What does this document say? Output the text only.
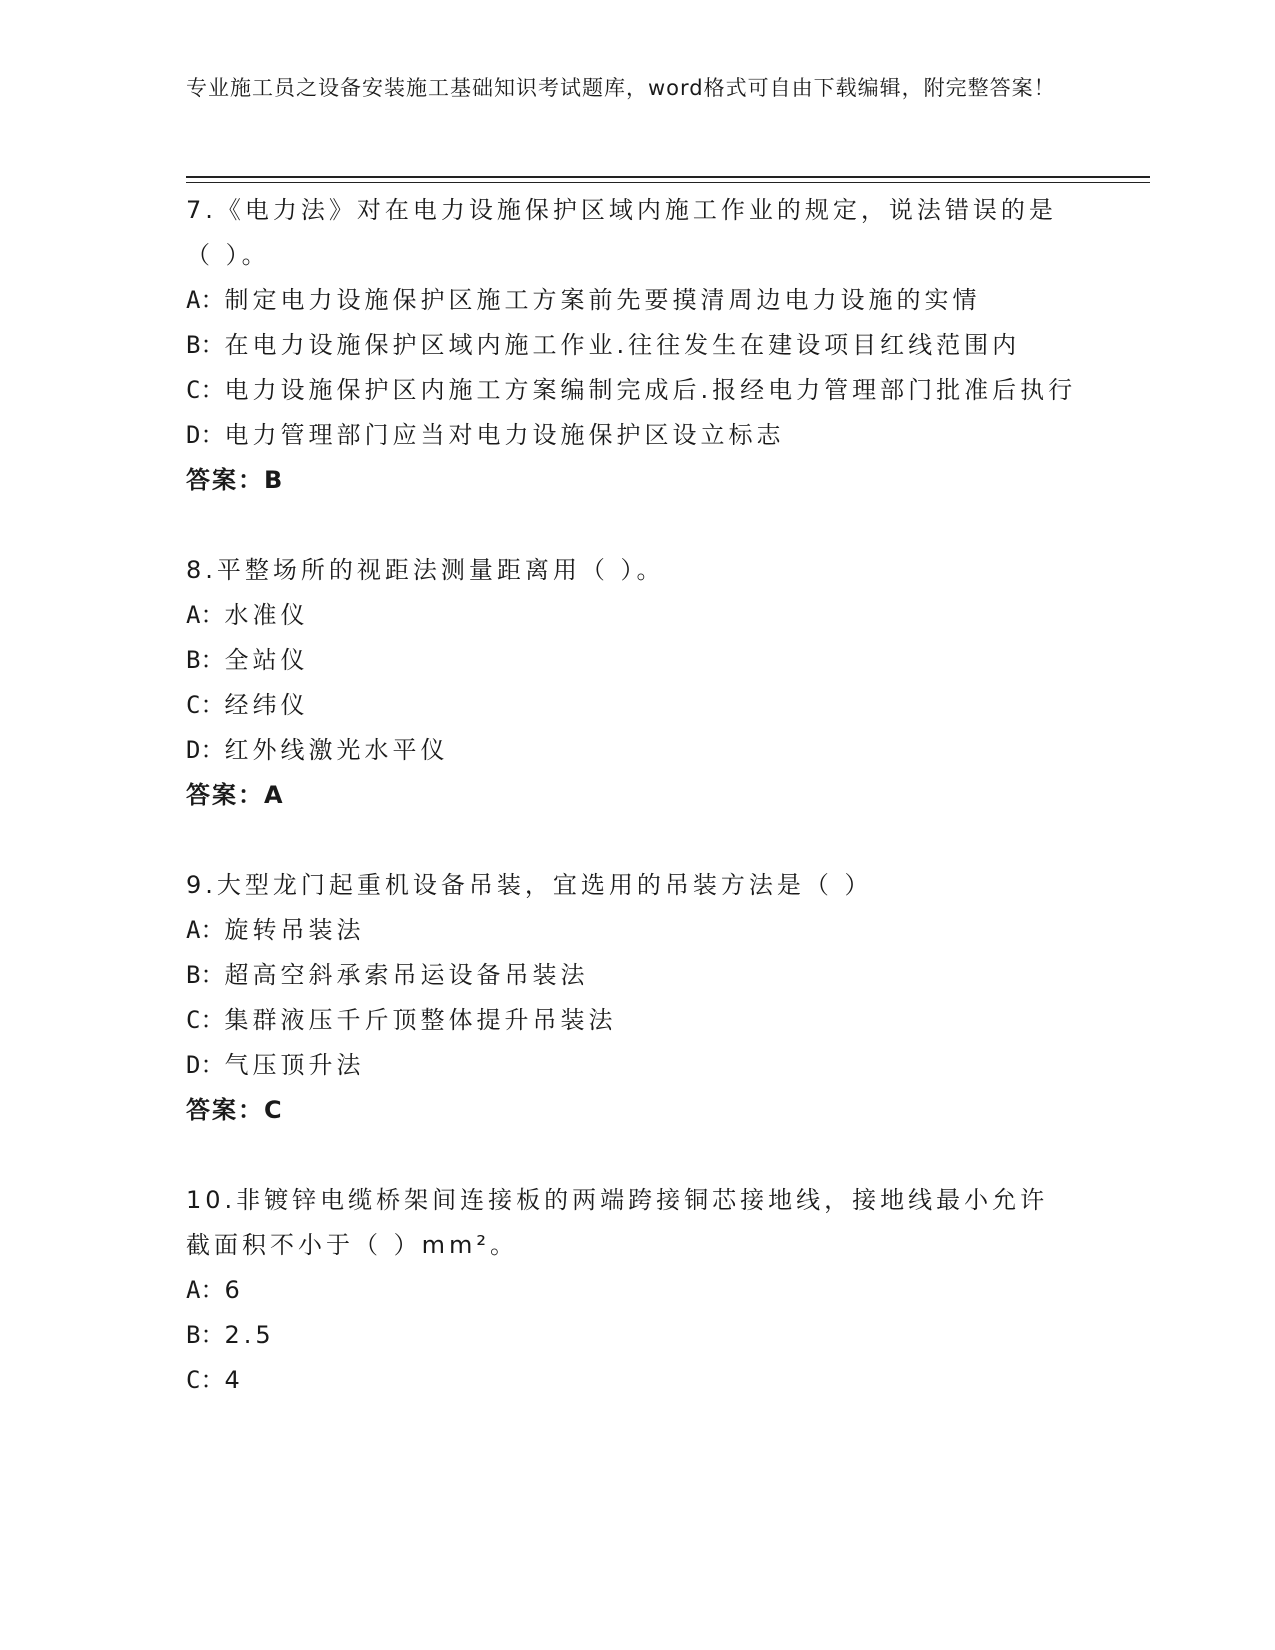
专业施工员之设备安装施工基础知识考试题库，word格式可自由下载编辑，附完整答案！
7.《电力法》对在电力设施保护区域内施工作业的规定，说法错误的是（ ）。
A：制定电力设施保护区施工方案前先要摸清周边电力设施的实情
B：在电力设施保护区域内施工作业.往往发生在建设项目红线范围内
C：电力设施保护区内施工方案编制完成后.报经电力管理部门批准后执行
D：电力管理部门应当对电力设施保护区设立标志
答案：B
8.平整场所的视距法测量距离用（ ）。
A：水准仪
B：全站仪
C：经纬仪
D：红外线激光水平仪
答案：A
9.大型龙门起重机设备吊装，宜选用的吊装方法是（ ）
A：旋转吊装法
B：超高空斜承索吊运设备吊装法
C：集群液压千斤顶整体提升吊装法
D：气压顶升法
答案：C
10.非镀锌电缆桥架间连接板的两端跨接铜芯接地线，接地线最小允许截面积不小于（ ）mm²。
A：6
B：2.5
C：4
